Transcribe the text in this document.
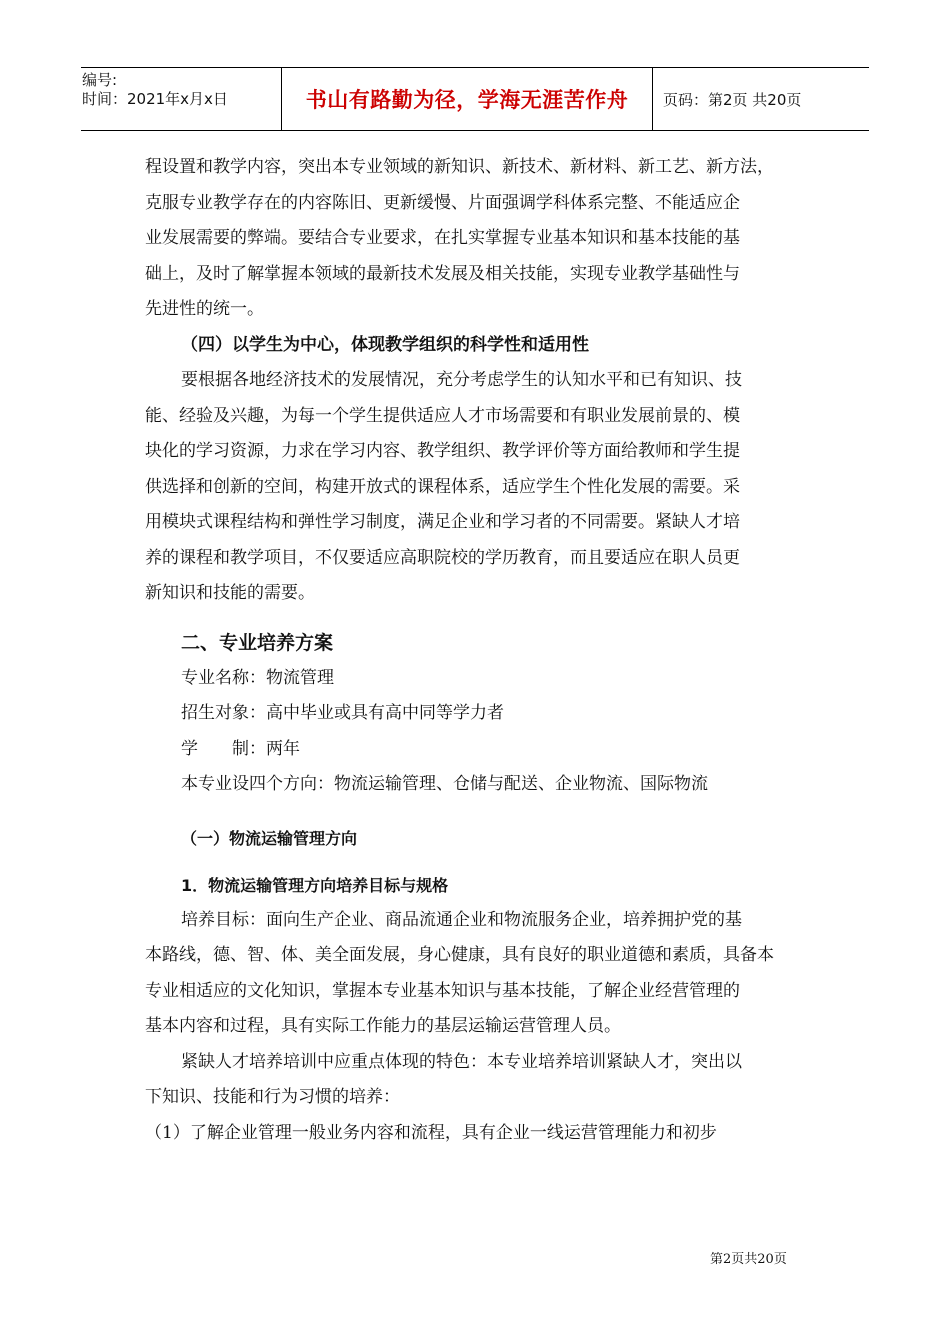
编号:
时间：2021年x月x日	书山有路勤为径，学海无涯苦作舟 页码：第2页 共20页

程设置和教学内容，突出本专业领域的新知识、新技术、新材料、新工艺、新方法，

克服专业教学存在的内容陈旧、更新缓慢、片面强调学科体系完整、不能适应企

业发展需要的弊端。要结合专业要求，在扎实掌握专业基本知识和基本技能的基

础上，及时了解掌握本领域的最新技术发展及相关技能，实现专业教学基础性与

先进性的统一。

（四）以学生为中心，体现教学组织的科学性和适用性

要根据各地经济技术的发展情况，充分考虑学生的认知水平和已有知识、技

能、经验及兴趣，为每一个学生提供适应人才市场需要和有职业发展前景的、模

块化的学习资源，力求在学习内容、教学组织、教学评价等方面给教师和学生提

供选择和创新的空间，构建开放式的课程体系，适应学生个性化发展的需要。采

用模块式课程结构和弹性学习制度，满足企业和学习者的不同需要。紧缺人才培

养的课程和教学项目，不仅要适应高职院校的学历教育，而且要适应在职人员更

新知识和技能的需要。

二、专业培养方案

专业名称：物流管理

招生对象：高中毕业或具有高中同等学力者

学　　制：两年

本专业设四个方向：物流运输管理、仓储与配送、企业物流、国际物流

（一）物流运输管理方向

1．物流运输管理方向培养目标与规格

培养目标：面向生产企业、商品流通企业和物流服务企业，培养拥护党的基

本路线，德、智、体、美全面发展，身心健康，具有良好的职业道德和素质，具备本

专业相适应的文化知识，掌握本专业基本知识与基本技能，了解企业经营管理的

基本内容和过程，具有实际工作能力的基层运输运营管理人员。

紧缺人才培养培训中应重点体现的特色：本专业培养培训紧缺人才，突出以

下知识、技能和行为习惯的培养：

（1）了解企业管理一般业务内容和流程，具有企业一线运营管理能力和初步

第2页共20页
